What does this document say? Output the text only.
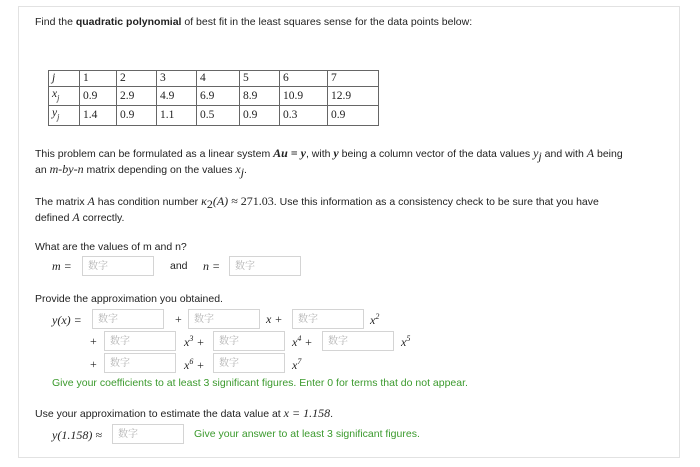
Find the quadratic polynomial of best fit in the least squares sense for the data points below:
j	1	2	3	4	5	6	7
$x_j$	0.9	2.9	4.9	6.9	8.9	10.9	12.9
$y_j$	1.4	0.9	1.1	0.5	0.9	0.3	0.9
This problem can be formulated as a linear system Au = y, with y being a column vector of the data values $y_j$ and with A being
an m-by-n matrix depending on the values $x_j$.
The matrix A has condition number $\kappa_2(A) \approx 271.03$. Use this information as a consistency check to be sure that you have
defined A correctly.
What are the values of m and n?
m =
数字	and n =
数字
Provide the approximation you obtained.
y(x) =
数字	+
数字	x +
数字	$x^2$
+
数字	$x^3$ +
数字	$x^4$ +
数字	$x^5$
+
数字	$x^6$ +
数字	$x^7$
Give your coefficients to at least 3 significant figures. Enter 0 for terms that do not appear.
Use your approximation to estimate the data value at x = 1.158.
y(1.158) ≈
数字	Give your answer to at least 3 significant figures.
